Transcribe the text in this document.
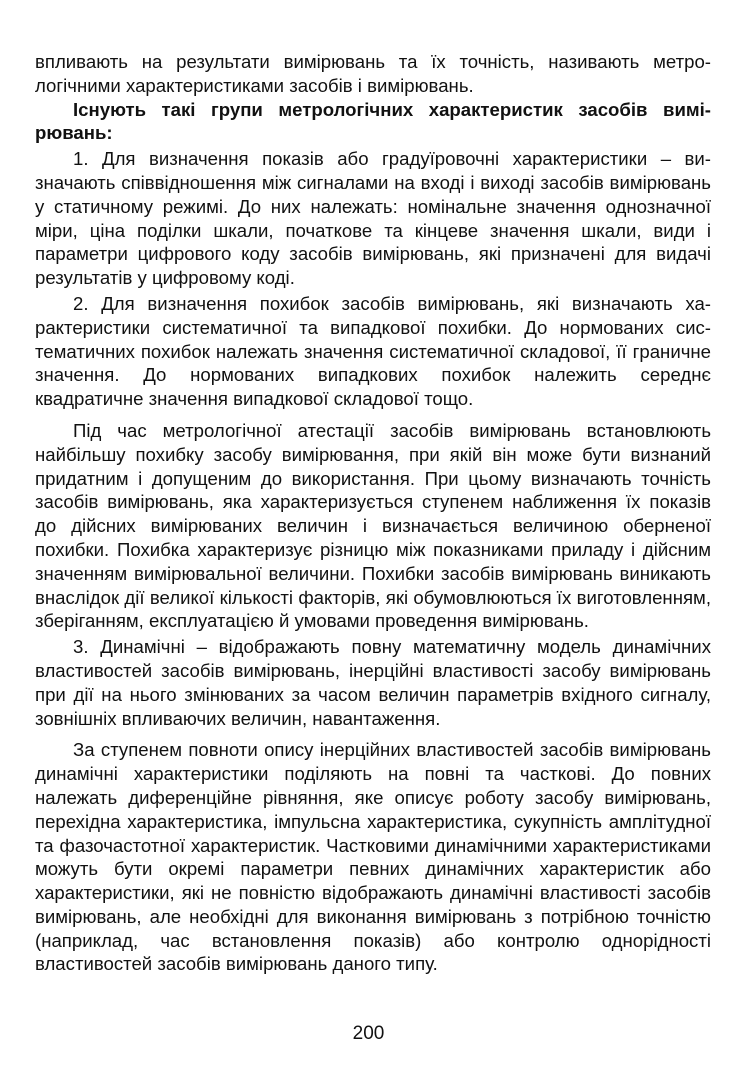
впливають на результати вимірювань та їх точність, називають метрологічними характеристиками засобів і вимірювань.

Існують такі групи метрологічних характеристик засобів вимірювань:

1. Для визначення показів або градуїровочні характеристики – визначають співвідношення між сигналами на вході і виході засобів вимірювань у статичному режимі. До них належать: номінальне значення однозначної міри, ціна поділки шкали, початкове та кінцеве значення шкали, види і параметри цифрового коду засобів вимірювань, які призначені для видачі результатів у цифровому коді.

2. Для визначення похибок засобів вимірювань, які визначають характеристики систематичної та випадкової похибки. До нормованих систематичних похибок належать значення систематичної складової, її граничне значення. До нормованих випадкових похибок належить середнє квадратичне значення випадкової складової тощо.

Під час метрологічної атестації засобів вимірювань встановлюють найбільшу похибку засобу вимірювання, при якій він може бути визнаний придатним і допущеним до використання. При цьому визначають точність засобів вимірювань, яка характеризується ступенем наближення їх показів до дійсних вимірюваних величин і визначається величиною оберненої похибки. Похибка характеризує різницю між показниками приладу і дійсним значенням вимірювальної величини. Похибки засобів вимірювань виникають внаслідок дії великої кількості факторів, які обумовлюються їх виготовленням, зберіганням, експлуатацією й умовами проведення вимірювань.

3. Динамічні – відображають повну математичну модель динамічних властивостей засобів вимірювань, інерційні властивості засобу вимірювань при дії на нього змінюваних за часом величин параметрів вхідного сигналу, зовнішніх впливаючих величин, навантаження.

За ступенем повноти опису інерційних властивостей засобів вимірювань динамічні характеристики поділяють на повні та часткові. До повних належать диференційне рівняння, яке описує роботу засобу вимірювань, перехідна характеристика, імпульсна характеристика, сукупність амплітудної та фазочастотної характеристик. Частковими динамічними характеристиками можуть бути окремі параметри певних динамічних характеристик або характеристики, які не повністю відображають динамічні властивості засобів вимірювань, але необхідні для виконання вимірювань з потрібною точністю (наприклад, час встановлення показів) або контролю однорідності властивостей засобів вимірювань даного типу.

200
